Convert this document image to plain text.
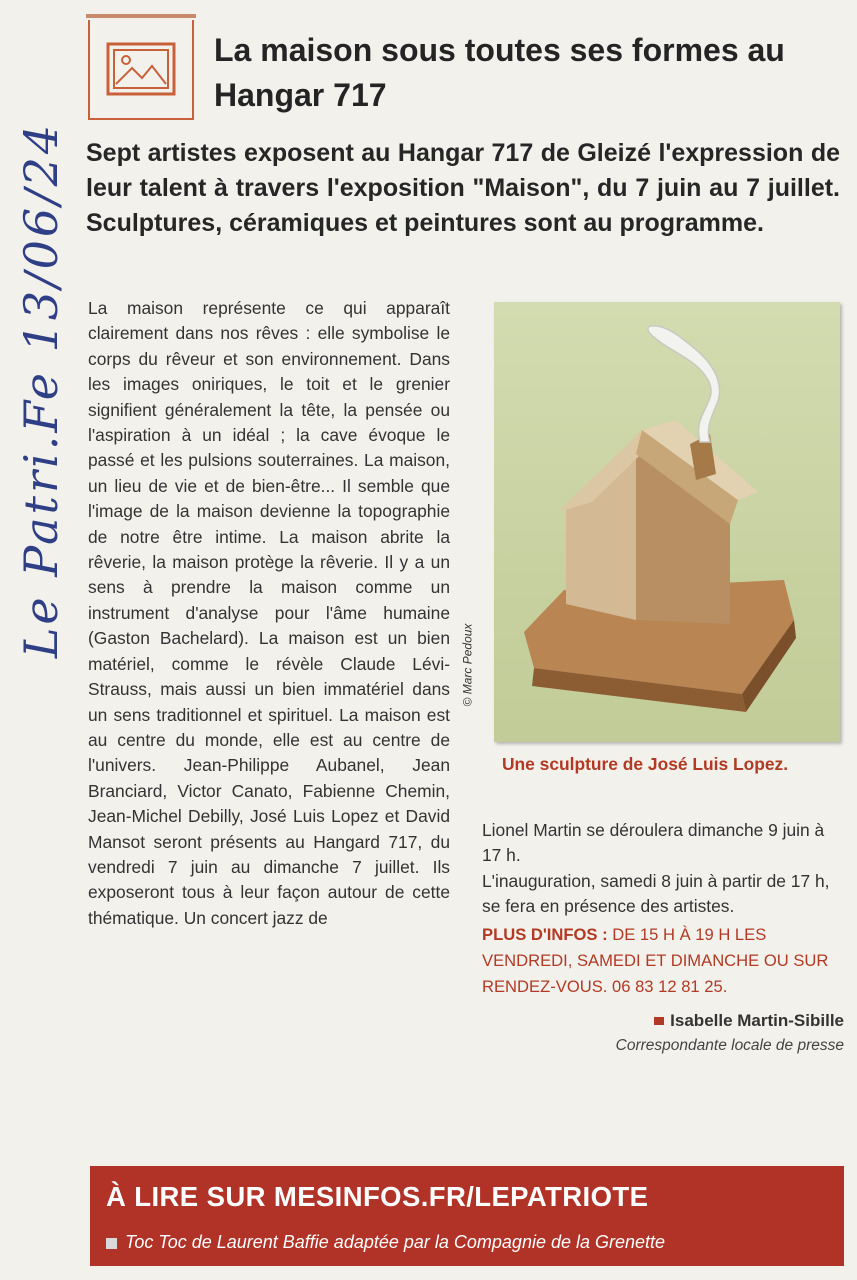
Le Patri.Fe 13/06/24
La maison sous toutes ses formes au Hangar 717

Sept artistes exposent au Hangar 717 de Gleizé l'expression de leur talent à travers l'exposition "Maison", du 7 juin au 7 juillet. Sculptures, céramiques et peintures sont au programme.

La maison représente ce qui apparaît clairement dans nos rêves : elle symbolise le corps du rêveur et son environnement. Dans les images oniriques, le toit et le grenier signifient généralement la tête, la pensée ou l'aspiration à un idéal ; la cave évoque le passé et les pulsions souterraines. La maison, un lieu de vie et de bien-être... Il semble que l'image de la maison devienne la topographie de notre être intime. La maison abrite la rêverie, la maison protège la rêverie. Il y a un sens à prendre la maison comme un instrument d'analyse pour l'âme humaine (Gaston Bachelard). La maison est un bien matériel, comme le révèle Claude Lévi-Strauss, mais aussi un bien immatériel dans un sens traditionnel et spirituel. La maison est au centre du monde, elle est au centre de l'univers. Jean-Philippe Aubanel, Jean Branciard, Victor Canato, Fabienne Chemin, Jean-Michel Debilly, José Luis Lopez et David Mansot seront présents au Hangard 717, du vendredi 7 juin au dimanche 7 juillet. Ils exposeront tous à leur façon autour de cette thématique. Un concert jazz de

© Marc Pedoux

Une sculpture de José Luis Lopez.

Lionel Martin se déroulera dimanche 9 juin à 17 h.

L'inauguration, samedi 8 juin à partir de 17 h, se fera en présence des artistes.

PLUS D'INFOS : DE 15 H À 19 H LES VENDREDI, SAMEDI ET DIMANCHE OU SUR RENDEZ-VOUS. 06 83 12 81 25.

Isabelle Martin-Sibille

Correspondante locale de presse

À LIRE SUR MESINFOS.FR/LEPATRIOTE

Toc Toc de Laurent Baffie adaptée par la Compagnie de la Grenette
